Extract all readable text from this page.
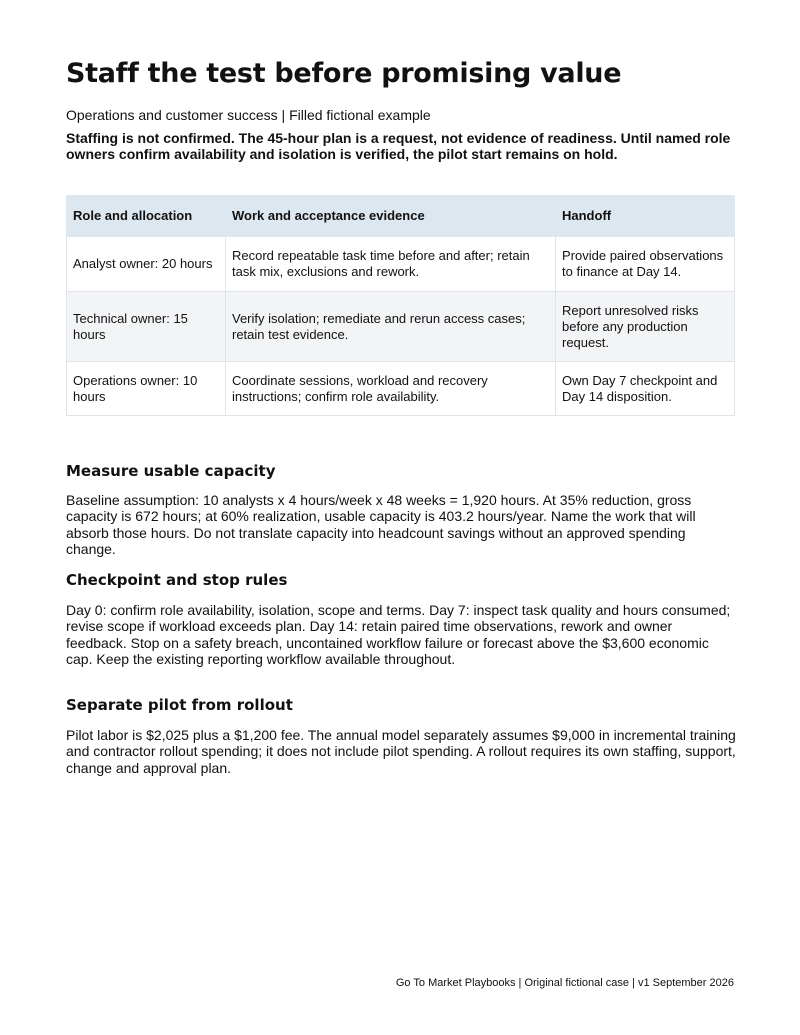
Staff the test before promising value

Operations and customer success | Filled fictional example

Staffing is not confirmed. The 45-hour plan is a request, not evidence of readiness. Until named role owners confirm availability and isolation is verified, the pilot start remains on hold.

Role and allocation	Work and acceptance evidence	Handoff
Analyst owner: 20 hours	Record repeatable task time before and after; retain task mix, exclusions and rework.	Provide paired observations to finance at Day 14.
Technical owner: 15 hours	Verify isolation; remediate and rerun access cases; retain test evidence.	Report unresolved risks before any production request.
Operations owner: 10 hours	Coordinate sessions, workload and recovery instructions; confirm role availability.	Own Day 7 checkpoint and Day 14 disposition.
Measure usable capacity

Baseline assumption: 10 analysts x 4 hours/week x 48 weeks = 1,920 hours. At 35% reduction, gross capacity is 672 hours; at 60% realization, usable capacity is 403.2 hours/year. Name the work that will absorb those hours. Do not translate capacity into headcount savings without an approved spending change.

Checkpoint and stop rules

Day 0: confirm role availability, isolation, scope and terms. Day 7: inspect task quality and hours consumed; revise scope if workload exceeds plan. Day 14: retain paired time observations, rework and owner feedback. Stop on a safety breach, uncontained workflow failure or forecast above the $3,600 economic cap. Keep the existing reporting workflow available throughout.

Separate pilot from rollout

Pilot labor is $2,025 plus a $1,200 fee. The annual model separately assumes $9,000 in incremental training and contractor rollout spending; it does not include pilot spending. A rollout requires its own staffing, support, change and approval plan.

Go To Market Playbooks | Original fictional case | v1 September 2026
